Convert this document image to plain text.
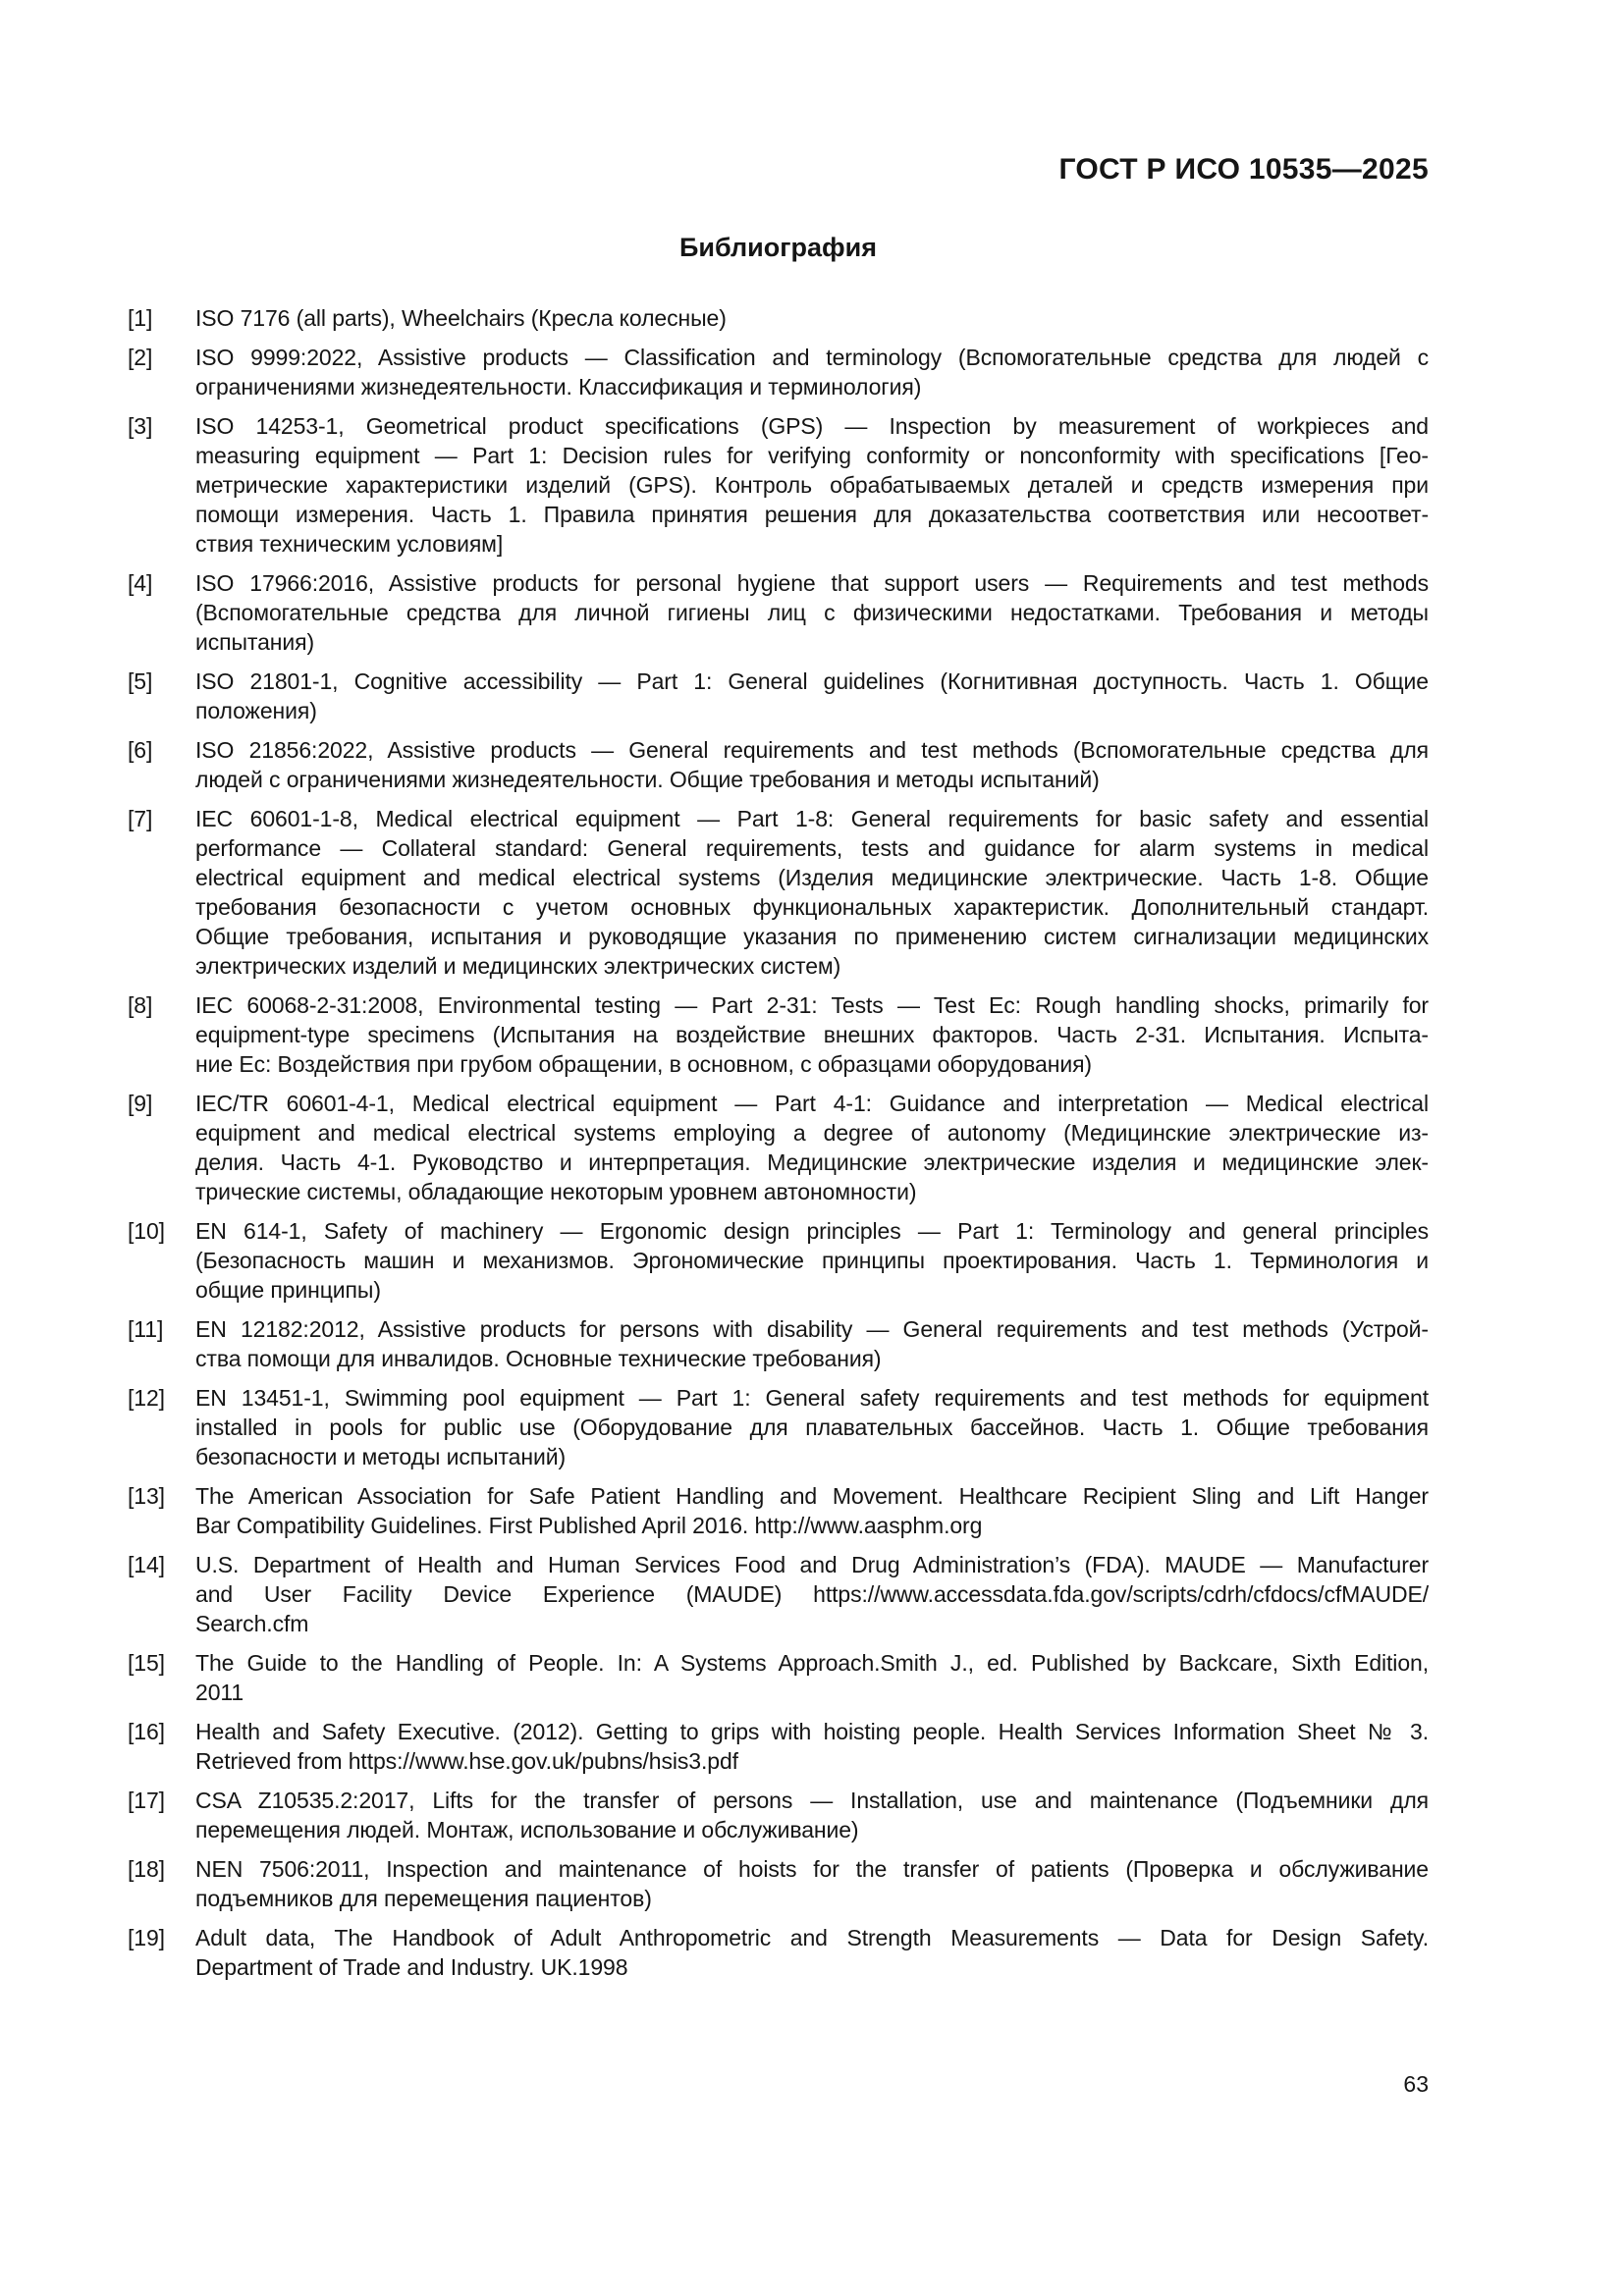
ГОСТ Р ИСО 10535—2025
Библиография
[1]	ISO 7176 (all parts), Wheelchairs (Кресла колесные)
[2]	ISO 9999:2022, Assistive products — Classification and terminology (Вспомогательные средства для людей с
ограничениями жизнедеятельности. Классификация и терминология)
[3]	ISO 14253-1, Geometrical product specifications (GPS) — Inspection by measurement of workpieces and
measuring equipment — Part 1: Decision rules for verifying conformity or nonconformity with specifications [Гео-
метрические характеристики изделий (GPS). Контроль обрабатываемых деталей и средств измерения при
помощи измерения. Часть 1. Правила принятия решения для доказательства соответствия или несоответ-
ствия техническим условиям]
[4]	ISO 17966:2016, Assistive products for personal hygiene that support users — Requirements and test methods
(Вспомогательные средства для личной гигиены лиц с физическими недостатками. Требования и методы
испытания)
[5]	ISO 21801-1, Cognitive accessibility — Part 1: General guidelines (Когнитивная доступность. Часть 1. Общие
положения)
[6]	ISO 21856:2022, Assistive products — General requirements and test methods (Вспомогательные средства для
людей с ограничениями жизнедеятельности. Общие требования и методы испытаний)
[7]	IEC 60601-1-8, Medical electrical equipment — Part 1-8: General requirements for basic safety and essential
performance — Collateral standard: General requirements, tests and guidance for alarm systems in medical
electrical equipment and medical electrical systems (Изделия медицинские электрические. Часть 1-8. Общие
требования безопасности с учетом основных функциональных характеристик. Дополнительный стандарт.
Общие требования, испытания и руководящие указания по применению систем сигнализации медицинских
электрических изделий и медицинских электрических систем)
[8]	IEC 60068-2-31:2008, Environmental testing — Part 2-31: Tests — Test Ec: Rough handling shocks, primarily for
equipment-type specimens (Испытания на воздействие внешних факторов. Часть 2-31. Испытания. Испыта-
ние Ec: Воздействия при грубом обращении, в основном, с образцами оборудования)
[9]	IEC/TR 60601-4-1, Medical electrical equipment — Part 4-1: Guidance and interpretation — Medical electrical
equipment and medical electrical systems employing a degree of autonomy (Медицинские электрические из-
делия. Часть 4-1. Руководство и интерпретация. Медицинские электрические изделия и медицинские элек-
трические системы, обладающие некоторым уровнем автономности)
[10]	EN 614-1, Safety of machinery — Ergonomic design principles — Part 1: Terminology and general principles
(Безопасность машин и механизмов. Эргономические принципы проектирования. Часть 1. Терминология и
общие принципы)
[11]	EN 12182:2012, Assistive products for persons with disability — General requirements and test methods (Устрой-
ства помощи для инвалидов. Основные технические требования)
[12]	EN 13451-1, Swimming pool equipment — Part 1: General safety requirements and test methods for equipment
installed in pools for public use (Оборудование для плавательных бассейнов. Часть 1. Общие требования
безопасности и методы испытаний)
[13]	The American Association for Safe Patient Handling and Movement. Healthcare Recipient Sling and Lift Hanger
Bar Compatibility Guidelines. First Published April 2016. http://www.aasphm.org
[14]	U.S. Department of Health and Human Services Food and Drug Administration’s (FDA). MAUDE — Manufacturer
and User Facility Device Experience (MAUDE) https://www.accessdata.fda.gov/scripts/cdrh/cfdocs/cfMAUDE/
Search.cfm
[15]	The Guide to the Handling of People. In: A Systems Approach.Smith J., ed. Published by Backcare, Sixth Edition,
2011
[16]	Health and Safety Executive. (2012). Getting to grips with hoisting people. Health Services Information Sheet № 3.
Retrieved from https://www.hse.gov.uk/pubns/hsis3.pdf
[17]	CSA Z10535.2:2017, Lifts for the transfer of persons — Installation, use and maintenance (Подъемники для
перемещения людей. Монтаж, использование и обслуживание)
[18]	NEN 7506:2011, Inspection and maintenance of hoists for the transfer of patients (Проверка и обслуживание
подъемников для перемещения пациентов)
[19]	Adult data, The Handbook of Adult Anthropometric and Strength Measurements — Data for Design Safety.
Department of Trade and Industry. UK.1998
63
